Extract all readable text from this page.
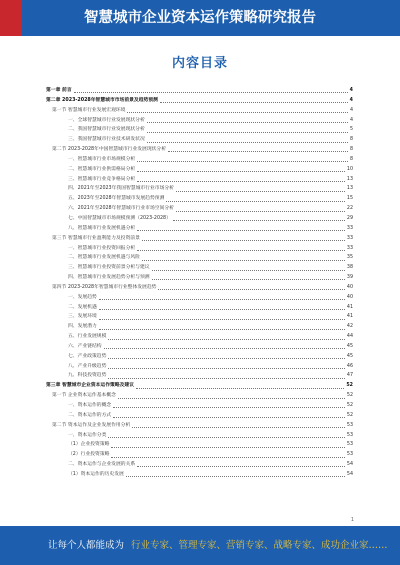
智慧城市企业资本运作策略研究报告
内容目录
第一章 前言	4
第二章 2023-2028年智慧城市市场前景及趋势预测	4
第一节 智慧城市行业发展宏观环境	4
一、全球智慧城市行业发展现状分析	4
二、我国智慧城市行业发展现状分析	5
三、我国智慧城市行业技术研发状况	8
第二节 2023-2028年中国智慧城市行业发展现状分析	8
一、智慧城市行业市场规模分析	8
二、智慧城市行业供需格局分析	10
三、智慧城市行业竞争格局分析	13
四、2021年至2023年我国智慧城市行业市场分析	13
五、2023年至2028年智慧城市发展趋势预测	15
六、2021年至2028年智慧城市行业市场空间分析	22
七、中国智慧城市市场规模预测（2023-2028）	29
八、智慧城市行业发展机遇分析	33
第三节 智慧城市行业盈利能力及投资前景	33
一、智慧城市行业投资回报分析	33
二、智慧城市行业发展机遇与风险	35
三、智慧城市行业投资前景分析与建议	38
四、智慧城市行业发展趋势分析与预测	39
第四节 2023-2028年智慧城市行业整体发展趋势	40
一、发展趋势	40
二、发展机遇	41
三、发展环境	41
四、发展潜力	42
五、行业发展规模	44
六、产业链结构	45
七、产业政策趋势	45
八、产业升级趋势	46
九、科技投资趋势	47
第三章 智慧城市企业资本运作策略及建议	52
第一节 企业资本运作基本概念	52
一、资本运作的概念	52
二、资本运作的方式	52
第二节 资本运作及企业发展作用分析	53
一、资本运作分类	53
（1）企业投资策略	53
（2）行业投资策略	53
二、资本运作与企业发展的关系	54
（1）资本运作的历史发展	54
1
让每个人都能成为 行业专家、管理专家、营销专家、战略专家、成功企业家……
